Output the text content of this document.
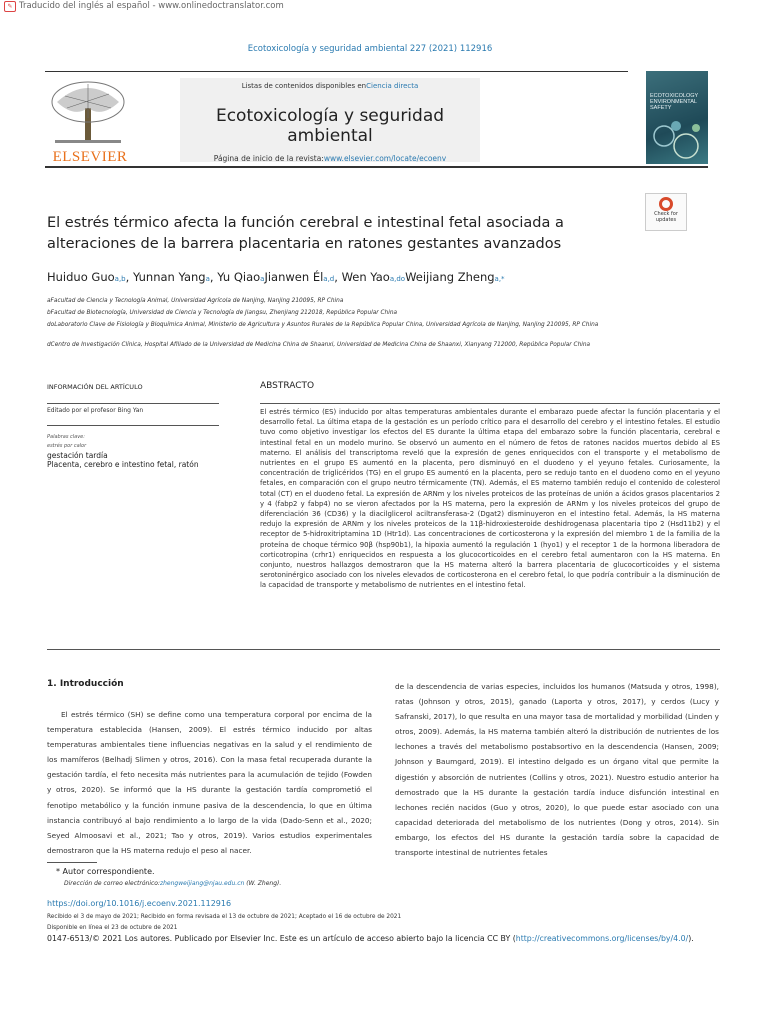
✎ Traducido del inglés al español - www.onlinedoctranslator.com
Ecotoxicología y seguridad ambiental 227 (2021) 112916
ELSEVIER
Listas de contenidos disponibles enCiencia directa
Ecotoxicología y seguridad ambiental
Página de inicio de la revista:www.elsevier.com/locate/ecoenv
ECOTOXICOLOGY ENVIRONMENTAL SAFETY
Check for
updates
El estrés térmico afecta la función cerebral e intestinal fetal asociada a alteraciones de la barrera placentaria en ratones gestantes avanzados
Huiduo Guoa,b, Yunnan Yanga, Yu QiaoaJianwen Éla,d, Wen Yaoa,doWeijiang Zhenga,*
aFacultad de Ciencia y Tecnología Animal, Universidad Agrícola de Nanjing, Nanjing 210095, RP China
bFacultad de Biotecnología, Universidad de Ciencia y Tecnología de Jiangsu, Zhenjiang 212018, República Popular China
doLaboratorio Clave de Fisiología y Bioquímica Animal, Ministerio de Agricultura y Asuntos Rurales de la República Popular China, Universidad Agrícola de Nanjing, Nanjing 210095, RP China
dCentro de Investigación Clínica, Hospital Afiliado de la Universidad de Medicina China de Shaanxi, Universidad de Medicina China de Shaanxi, Xianyang 712000, República Popular China
INFORMACIÓN DEL ARTÍCULO
Editado por el profesor Bing Yan
Palabras clave:
estrés por calor
gestación tardía
Placenta, cerebro e intestino fetal, ratón
ABSTRACTO
El estrés térmico (ES) inducido por altas temperaturas ambientales durante el embarazo puede afectar la función placentaria y el desarrollo fetal. La última etapa de la gestación es un período crítico para el desarrollo del cerebro y el intestino fetales. El estudio tuvo como objetivo investigar los efectos del ES durante la última etapa del embarazo sobre la función placentaria, cerebral e intestinal fetal en un modelo murino. Se observó un aumento en el número de fetos de ratones nacidos muertos debido al ES materno. El análisis del transcriptoma reveló que la expresión de genes enriquecidos con el transporte y el metabolismo de nutrientes en el grupo ES aumentó en la placenta, pero disminuyó en el duodeno y el yeyuno fetales. Curiosamente, la concentración de triglicéridos (TG) en el grupo ES aumentó en la placenta, pero se redujo tanto en el duodeno como en el yeyuno fetales, en comparación con el grupo neutro térmicamente (TN). Además, el ES materno también redujo el contenido de colesterol total (CT) en el duodeno fetal. La expresión de ARNm y los niveles proteicos de las proteínas de unión a ácidos grasos placentarios 2 y 4 (fabp2 y fabp4) no se vieron afectados por la HS materna, pero la expresión de ARNm y los niveles proteicos del grupo de diferenciación 36 (CD36) y la diacilglicerol aciltransferasa-2 (Dgat2) disminuyeron en el intestino fetal. Además, la HS materna redujo la expresión de ARNm y los niveles proteicos de la 11β-hidroxiesteroide deshidrogenasa placentaria tipo 2 (Hsd11b2) y el receptor de 5-hidroxitriptamina 1D (Htr1d). Las concentraciones de corticosterona y la expresión del miembro 1 de la familia de la proteína de choque térmico 90β (hsp90b1), la hipoxia aumentó la regulación 1 (hyo1) y el receptor 1 de la hormona liberadora de corticotropina (crhr1) enriquecidos en respuesta a los glucocorticoides en el cerebro fetal aumentaron con la HS materna. En conjunto, nuestros hallazgos demostraron que la HS materna alteró la barrera placentaria de glucocorticoides y el sistema serotoninérgico asociado con los niveles elevados de corticosterona en el cerebro fetal, lo que podría contribuir a la disminución de la capacidad de transporte y metabolismo de nutrientes en el intestino fetal.
1. Introducción
El estrés térmico (SH) se define como una temperatura corporal por encima de la temperatura establecida (Hansen, 2009). El estrés térmico inducido por altas temperaturas ambientales tiene influencias negativas en la salud y el rendimiento de los mamíferos (Belhadj Slimen y otros, 2016). Con la masa fetal recuperada durante la gestación tardía, el feto necesita más nutrientes para la acumulación de tejido (Fowden y otros, 2020). Se informó que la HS durante la gestación tardía comprometió el fenotipo metabólico y la función inmune pasiva de la descendencia, lo que en última instancia contribuyó al bajo rendimiento a lo largo de la vida (Dado-Senn et al., 2020; Seyed Almoosavi et al., 2021; Tao y otros, 2019). Varios estudios experimentales demostraron que la HS materna redujo el peso al nacer.
de la descendencia de varias especies, incluidos los humanos (Matsuda y otros, 1998), ratas (Johnson y otros, 2015), ganado (Laporta y otros, 2017), y cerdos (Lucy y Safranski, 2017), lo que resulta en una mayor tasa de mortalidad y morbilidad (Linden y otros, 2009). Además, la HS materna también alteró la distribución de nutrientes de los lechones a través del metabolismo postabsortivo en la descendencia (Hansen, 2009; Johnson y Baumgard, 2019). El intestino delgado es un órgano vital que permite la digestión y absorción de nutrientes (Collins y otros, 2021). Nuestro estudio anterior ha demostrado que la HS durante la gestación tardía induce disfunción intestinal en lechones recién nacidos (Guo y otros, 2020), lo que puede estar asociado con una capacidad deteriorada del metabolismo de los nutrientes (Dong y otros, 2014). Sin embargo, los efectos del HS durante la gestación tardía sobre la capacidad de transporte intestinal de nutrientes fetales
* Autor correspondiente.
Dirección de correo electrónico:zhengweijiang@njau.edu.cn (W. Zheng).
https://doi.org/10.1016/j.ecoenv.2021.112916
Recibido el 3 de mayo de 2021; Recibido en forma revisada el 13 de octubre de 2021; Aceptado el 16 de octubre de 2021
Disponible en línea el 23 de octubre de 2021
0147-6513/© 2021 Los autores. Publicado por Elsevier Inc. Este es un artículo de acceso abierto bajo la licencia CC BY (http://creativecommons.org/licenses/by/4.0/).
